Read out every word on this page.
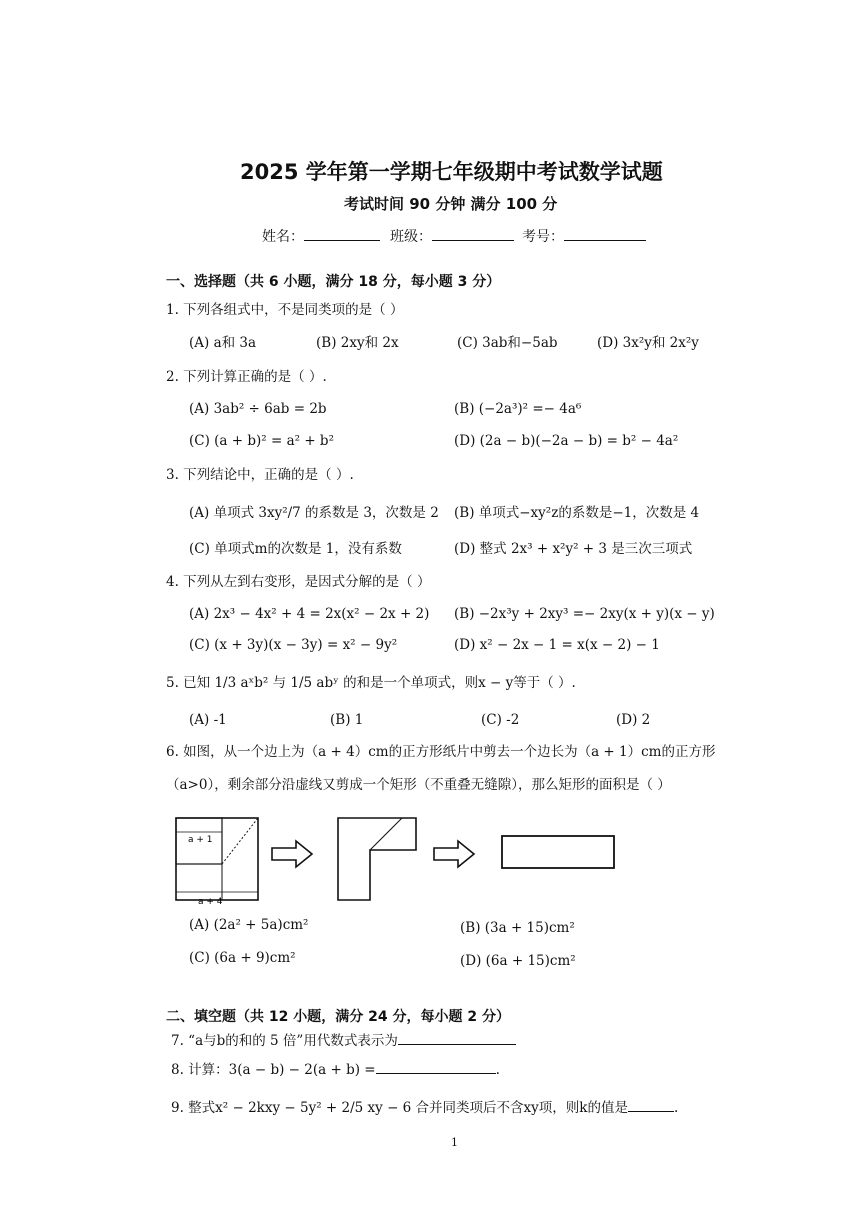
2025 学年第一学期七年级期中考试数学试题
考试时间 90 分钟 满分 100 分
姓名：	班级：	考号：
一、选择题（共 6 小题，满分 18 分，每小题 3 分）
1. 下列各组式中，不是同类项的是（ ）
(A) a和 3a	(B) 2xy和 2x	(C) 3ab和−5ab	(D) 3x²y和 2x²y
2. 下列计算正确的是（ ）.
(A) 3ab² ÷ 6ab = 2b	(B) (−2a³)² =− 4a⁶
(C) (a + b)² = a² + b²	(D) (2a − b)(−2a − b) = b² − 4a²
3. 下列结论中，正确的是（ ）.
(A) 单项式 3xy²/7 的系数是 3，次数是 2 (B) 单项式−xy²z的系数是−1，次数是 4
(C) 单项式m的次数是 1，没有系数	(D) 整式 2x³ + x²y² + 3 是三次三项式
4. 下列从左到右变形，是因式分解的是（ ）
(A) 2x³ − 4x² + 4 = 2x(x² − 2x + 2) (B) −2x³y + 2xy³ =− 2xy(x + y)(x − y)
(C) (x + 3y)(x − 3y) = x² − 9y²	(D) x² − 2x − 1 = x(x − 2) − 1
5. 已知 1/3 aˣb² 与 1/5 abʸ 的和是一个单项式，则x − y等于（ ）.
(A) -1	(B) 1	(C) -2	(D) 2
6. 如图，从一个边上为（a + 4）cm的正方形纸片中剪去一个边长为（a + 1）cm的正方形
（a>0），剩余部分沿虚线又剪成一个矩形（不重叠无缝隙），那么矩形的面积是（ ）
a + 1
a + 4
(A) (2a² + 5a)cm²	(B) (3a + 15)cm²
(C) (6a + 9)cm²	(D) (6a + 15)cm²
二、填空题（共 12 小题，满分 24 分，每小题 2 分）
7. “a与b的和的 5 倍”用代数式表示为
8. 计算：3(a − b) − 2(a + b) =	.
9. 整式x² − 2kxy − 5y² + 2/5 xy − 6 合并同类项后不含xy项，则k的值是	.
1
